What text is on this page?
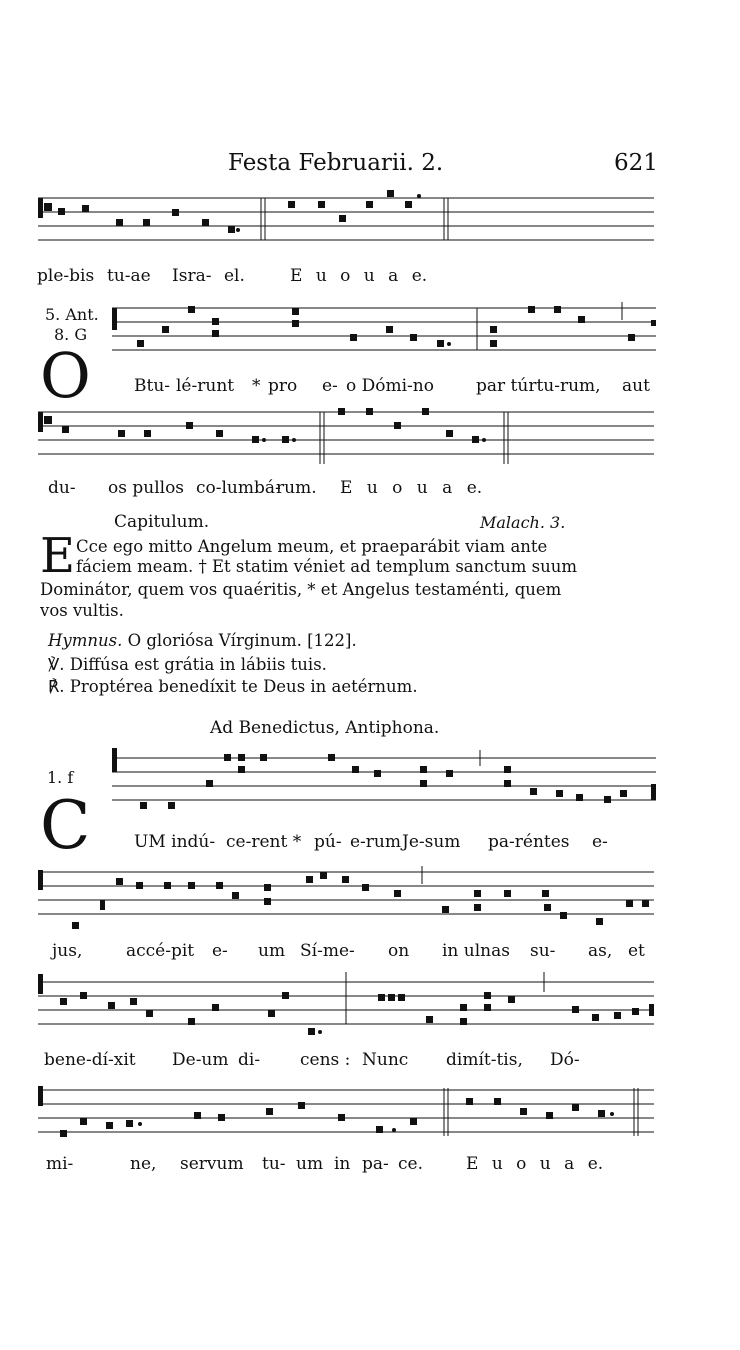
Festa Februarii. 2.	621
ple-bis tu-ae Isra- el.	E u o u a e.
5. Ant.
8. G
O	Btu- lé-runt * pro e- o Dómi-no par túrtu-rum, aut
du- os pullos co-lumbá-
rum. E u o u a e.
Capitulum.	Malach. 3.
E Cce ego mitto Angelum meum, et praeparábit viam ante
fáciem meam. † Et statim véniet ad templum sanctum suum
Dominátor, quem vos quaéritis, * et Angelus testaménti, quem
vos vultis.
Hymnus. O gloriósa Vírginum. [122].
℣. Diffúsa est grátia in lábiis tuis.
℟. Proptérea benedíxit te Deus in aetérnum.
Ad Benedictus, Antiphona.
1. f
C	UM indú- ce-rent * pú- e-rum Je-sum pa-réntes e-
jus,	accé-pit e- um Sí-me- on in ulnas su- as, et
bene-dí-xit De-um di- cens : Nunc dimít-tis, Dó-
mi-	ne, servum tu- um in pa- ce.	E u o u a e.
